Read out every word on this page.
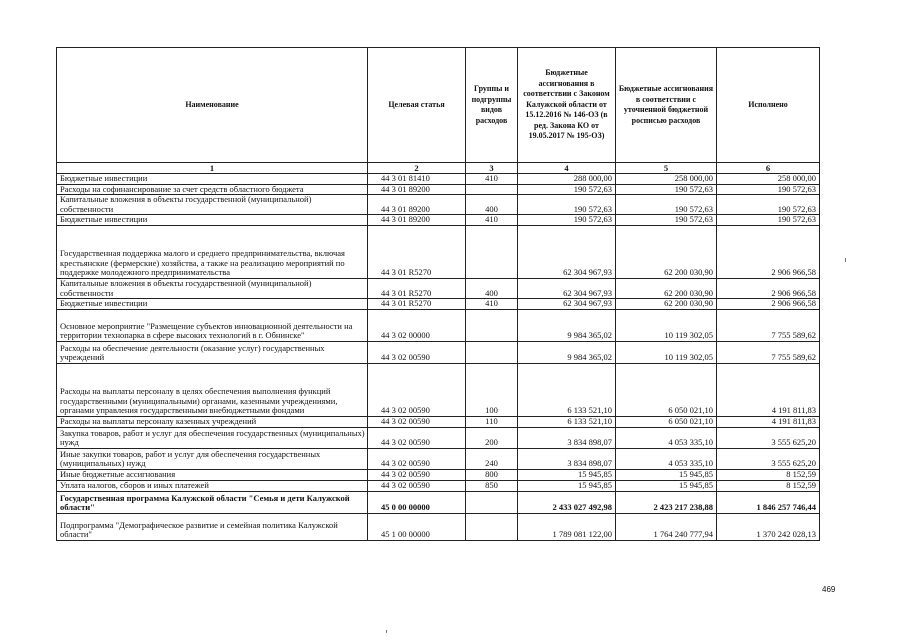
Наименование	Целевая статья	Группы и подгруппы видов расходов	Бюджетные ассигнования в соответствии с Законом Калужской области от 15.12.2016 № 146-ОЗ (в ред. Закона КО от 19.05.2017 № 195-ОЗ)	Бюджетные ассигнования в соответствии с уточненной бюджетной росписью расходов	Исполнено
1	2	3	4	5	6
Бюджетные инвестиции	44 3 01 81410	410	288 000,00	258 000,00	258 000,00
Расходы на софинансирование за счет средств областного бюджета	44 3 01 89200		190 572,63	190 572,63	190 572,63
Капитальные вложения в объекты государственной (муниципальной) собственности	44 3 01 89200	400	190 572,63	190 572,63	190 572,63
Бюджетные инвестиции	44 3 01 89200	410	190 572,63	190 572,63	190 572,63
Государственная поддержка малого и среднего предпринимательства, включая крестьянские (фермерские) хозяйства, а также на реализацию мероприятий по поддержке молодежного предпринимательства	44 3 01 R5270		62 304 967,93	62 200 030,90	2 906 966,58
Капитальные вложения в объекты государственной (муниципальной) собственности	44 3 01 R5270	400	62 304 967,93	62 200 030,90	2 906 966,58
Бюджетные инвестиции	44 3 01 R5270	410	62 304 967,93	62 200 030,90	2 906 966,58
Основное мероприятие "Размещение субъектов инновационной деятельности на территории технопарка в сфере высоких технологий в г. Обнинске"	44 3 02 00000		9 984 365,02	10 119 302,05	7 755 589,62
Расходы на обеспечение деятельности (оказание услуг) государственных учреждений	44 3 02 00590		9 984 365,02	10 119 302,05	7 755 589,62
Расходы на выплаты персоналу в целях обеспечения выполнения функций государственными (муниципальными) органами, казенными учреждениями, органами управления государственными внебюджетными фондами	44 3 02 00590	100	6 133 521,10	6 050 021,10	4 191 811,83
Расходы на выплаты персоналу казенных учреждений	44 3 02 00590	110	6 133 521,10	6 050 021,10	4 191 811,83
Закупка товаров, работ и услуг для обеспечения государственных (муниципальных) нужд	44 3 02 00590	200	3 834 898,07	4 053 335,10	3 555 625,20
Иные закупки товаров, работ и услуг для обеспечения государственных (муниципальных) нужд	44 3 02 00590	240	3 834 898,07	4 053 335,10	3 555 625,20
Иные бюджетные ассигнования	44 3 02 00590	800	15 945,85	15 945,85	8 152,59
Уплата налогов, сборов и иных платежей	44 3 02 00590	850	15 945,85	15 945,85	8 152,59
Государственная программа Калужской области "Семья и дети Калужской области"	45 0 00 00000		2 433 027 492,98	2 423 217 238,88	1 846 257 746,44
Подпрограмма "Демографическое развитие и семейная политика Калужской области"	45 1 00 00000		1 789 081 122,00	1 764 240 777,94	1 370 242 028,13
469
